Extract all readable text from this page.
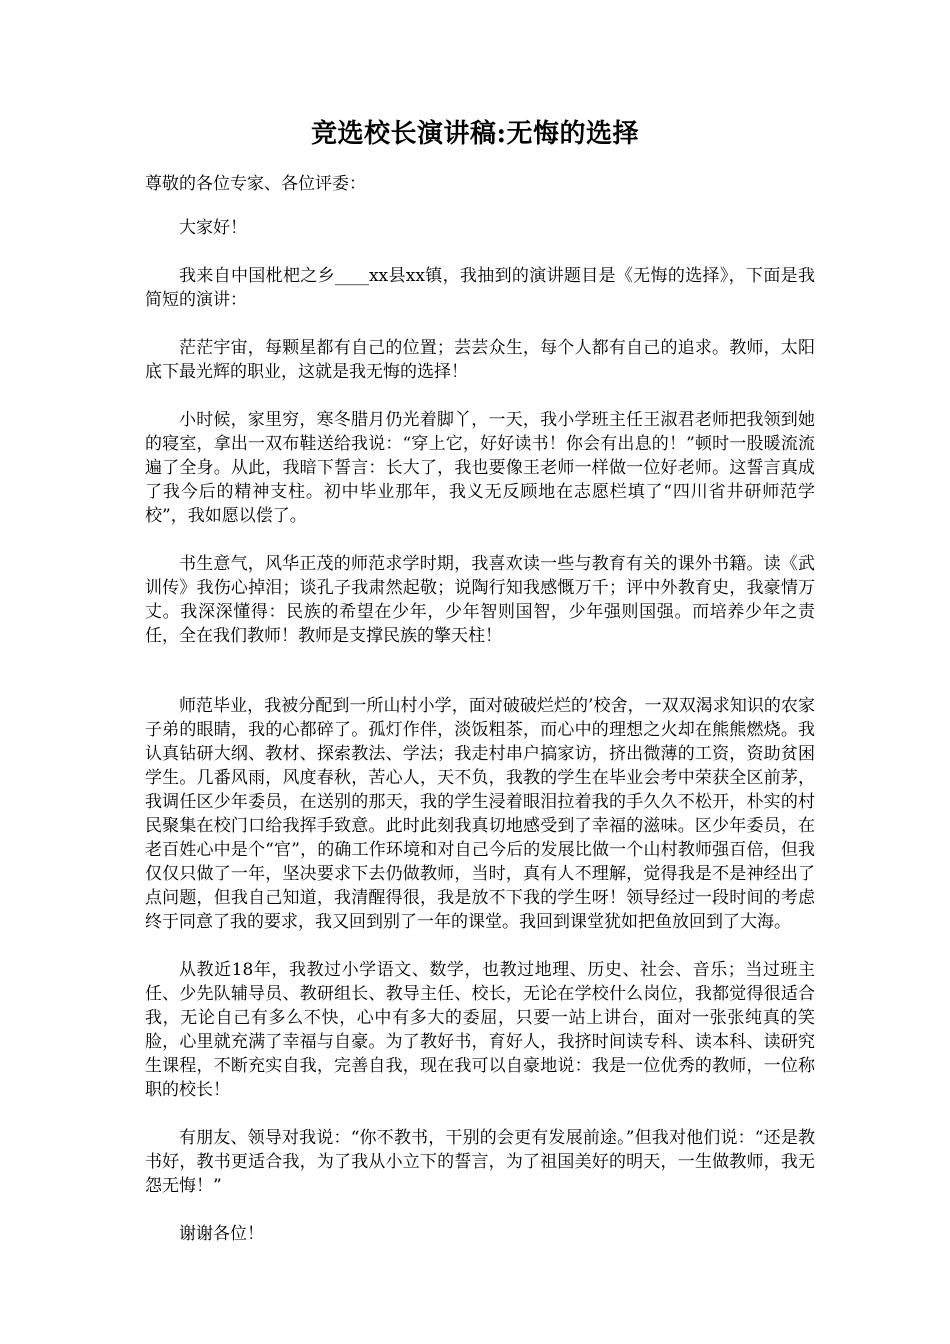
竞选校长演讲稿:无悔的选择

尊敬的各位专家、各位评委：

大家好！

我来自中国枇杷之乡____xx县xx镇，我抽到的演讲题目是《无悔的选择》，下面是我简短的演讲：

茫茫宇宙，每颗星都有自己的位置；芸芸众生，每个人都有自己的追求。教师，太阳底下最光辉的职业，这就是我无悔的选择！

小时候，家里穷，寒冬腊月仍光着脚丫，一天，我小学班主任王淑君老师把我领到她的寝室，拿出一双布鞋送给我说：“穿上它，好好读书！你会有出息的！”顿时一股暖流流遍了全身。从此，我暗下誓言：长大了，我也要像王老师一样做一位好老师。这誓言真成了我今后的精神支柱。初中毕业那年，我义无反顾地在志愿栏填了“四川省井研师范学校”，我如愿以偿了。

书生意气，风华正茂的师范求学时期，我喜欢读一些与教育有关的课外书籍。读《武训传》我伤心掉泪；谈孔子我肃然起敬；说陶行知我感慨万千；评中外教育史，我豪情万丈。我深深懂得：民族的希望在少年，少年智则国智，少年强则国强。而培养少年之责任，全在我们教师！教师是支撑民族的擎天柱！

师范毕业，我被分配到一所山村小学，面对破破烂烂的’校舍，一双双渴求知识的农家子弟的眼睛，我的心都碎了。孤灯作伴，淡饭粗茶，而心中的理想之火却在熊熊燃烧。我认真钻研大纲、教材、探索教法、学法；我走村串户搞家访，挤出微薄的工资，资助贫困学生。几番风雨，风度春秋，苦心人，天不负，我教的学生在毕业会考中荣获全区前茅，我调任区少年委员，在送别的那天，我的学生浸着眼泪拉着我的手久久不松开，朴实的村民聚集在校门口给我挥手致意。此时此刻我真切地感受到了幸福的滋味。区少年委员，在老百姓心中是个“官”，的确工作环境和对自己今后的发展比做一个山村教师强百倍，但我仅仅只做了一年，坚决要求下去仍做教师，当时，真有人不理解，觉得我是不是神经出了点问题，但我自己知道，我清醒得很，我是放不下我的学生呀！领导经过一段时间的考虑终于同意了我的要求，我又回到别了一年的课堂。我回到课堂犹如把鱼放回到了大海。

从教近18年，我教过小学语文、数学，也教过地理、历史、社会、音乐；当过班主任、少先队辅导员、教研组长、教导主任、校长，无论在学校什么岗位，我都觉得很适合我，无论自己有多么不快，心中有多大的委屈，只要一站上讲台，面对一张张纯真的笑脸，心里就充满了幸福与自豪。为了教好书，育好人，我挤时间读专科、读本科、读研究生课程，不断充实自我，完善自我，现在我可以自豪地说：我是一位优秀的教师，一位称职的校长！

有朋友、领导对我说：“你不教书，干别的会更有发展前途。”但我对他们说：“还是教书好，教书更适合我，为了我从小立下的誓言，为了祖国美好的明天，一生做教师，我无怨无悔！”

谢谢各位！
